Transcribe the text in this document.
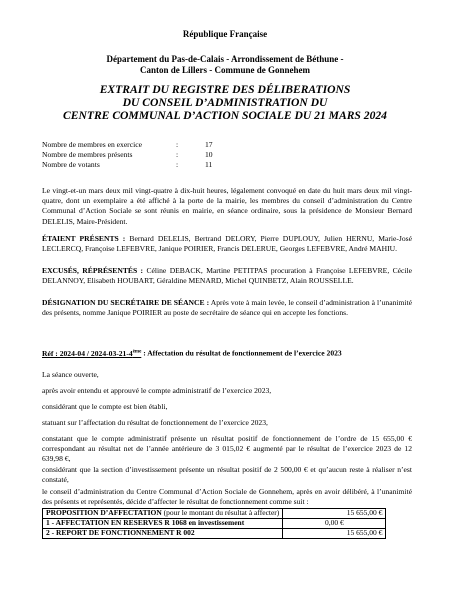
République Française
Département du Pas-de-Calais - Arrondissement de Béthune -
Canton de Lillers - Commune de Gonnehem
EXTRAIT DU REGISTRE DES DÉLIBERATIONS
DU CONSEIL D’ADMINISTRATION DU
CENTRE COMMUNAL D’ACTION SOCIALE DU 21 MARS 2024
Nombre de membres en exercice	:	17
Nombre de membres présents	:	10
Nombre de votants	:	11

Le vingt-et-un mars deux mil vingt-quatre à dix-huit heures, légalement convoqué en date du huit mars deux mil vingt-quatre, dont un exemplaire a été affiché à la porte de la mairie, les membres du conseil d’administration du Centre Communal d’Action Sociale se sont réunis en mairie, en séance ordinaire, sous la présidence de Monsieur Bernard DELELIS, Maire-Président.

ÉTAIENT PRÉSENTS : Bernard DELELIS, Bertrand DELORY, Pierre DUPLOUY, Julien HERNU, Marie-José LECLERCQ, Françoise LEFEBVRE, Janique POIRIER, Francis DELERUE, Georges LEFEBVRE, André MAHIU.

EXCUSÉS, RÉPRÉSENTÉS : Céline DEBACK, Martine PETITPAS procuration à Françoise LEFEBVRE, Cécile DELANNOY, Elisabeth HOUBART, Géraldine MENARD, Michel QUINBETZ, Alain ROUSSELLE.

DÉSIGNATION DU SECRÉTAIRE DE SÉANCE : Après vote à main levée, le conseil d’administration à l’unanimité des présents, nomme Janique POIRIER au poste de secrétaire de séance qui en accepte les fonctions.

Réf : 2024-04 / 2024-03-21-4ème : Affectation du résultat de fonctionnement de l’exercice 2023

La séance ouverte,

après avoir entendu et approuvé le compte administratif de l’exercice 2023,

considérant que le compte est bien établi,

statuant sur l’affectation du résultat de fonctionnement de l’exercice 2023,

constatant que le compte administratif présente un résultat positif de fonctionnement de l’ordre de 15 655,00 € correspondant au résultat net de l’année antérieure de 3 015,02 € augmenté par le résultat de l’exercice 2023 de 12 639,98 €,

considérant que la section d’investissement présente un résultat positif de 2 500,00 € et qu’aucun reste à réaliser n’est constaté,

le conseil d’administration du Centre Communal d’Action Sociale de Gonnehem, après en avoir délibéré, à l’unanimité des présents et représentés, décide d’affecter le résultat de fonctionnement comme suit :

PROPOSITION D’AFFECTATION (pour le montant du résultat à affecter)	15 655,00 €
1 - AFFECTATION EN RESERVES R 1068 en investissement	0,00 €
2 - REPORT DE FONCTIONNEMENT R 002	15 655,00 €
